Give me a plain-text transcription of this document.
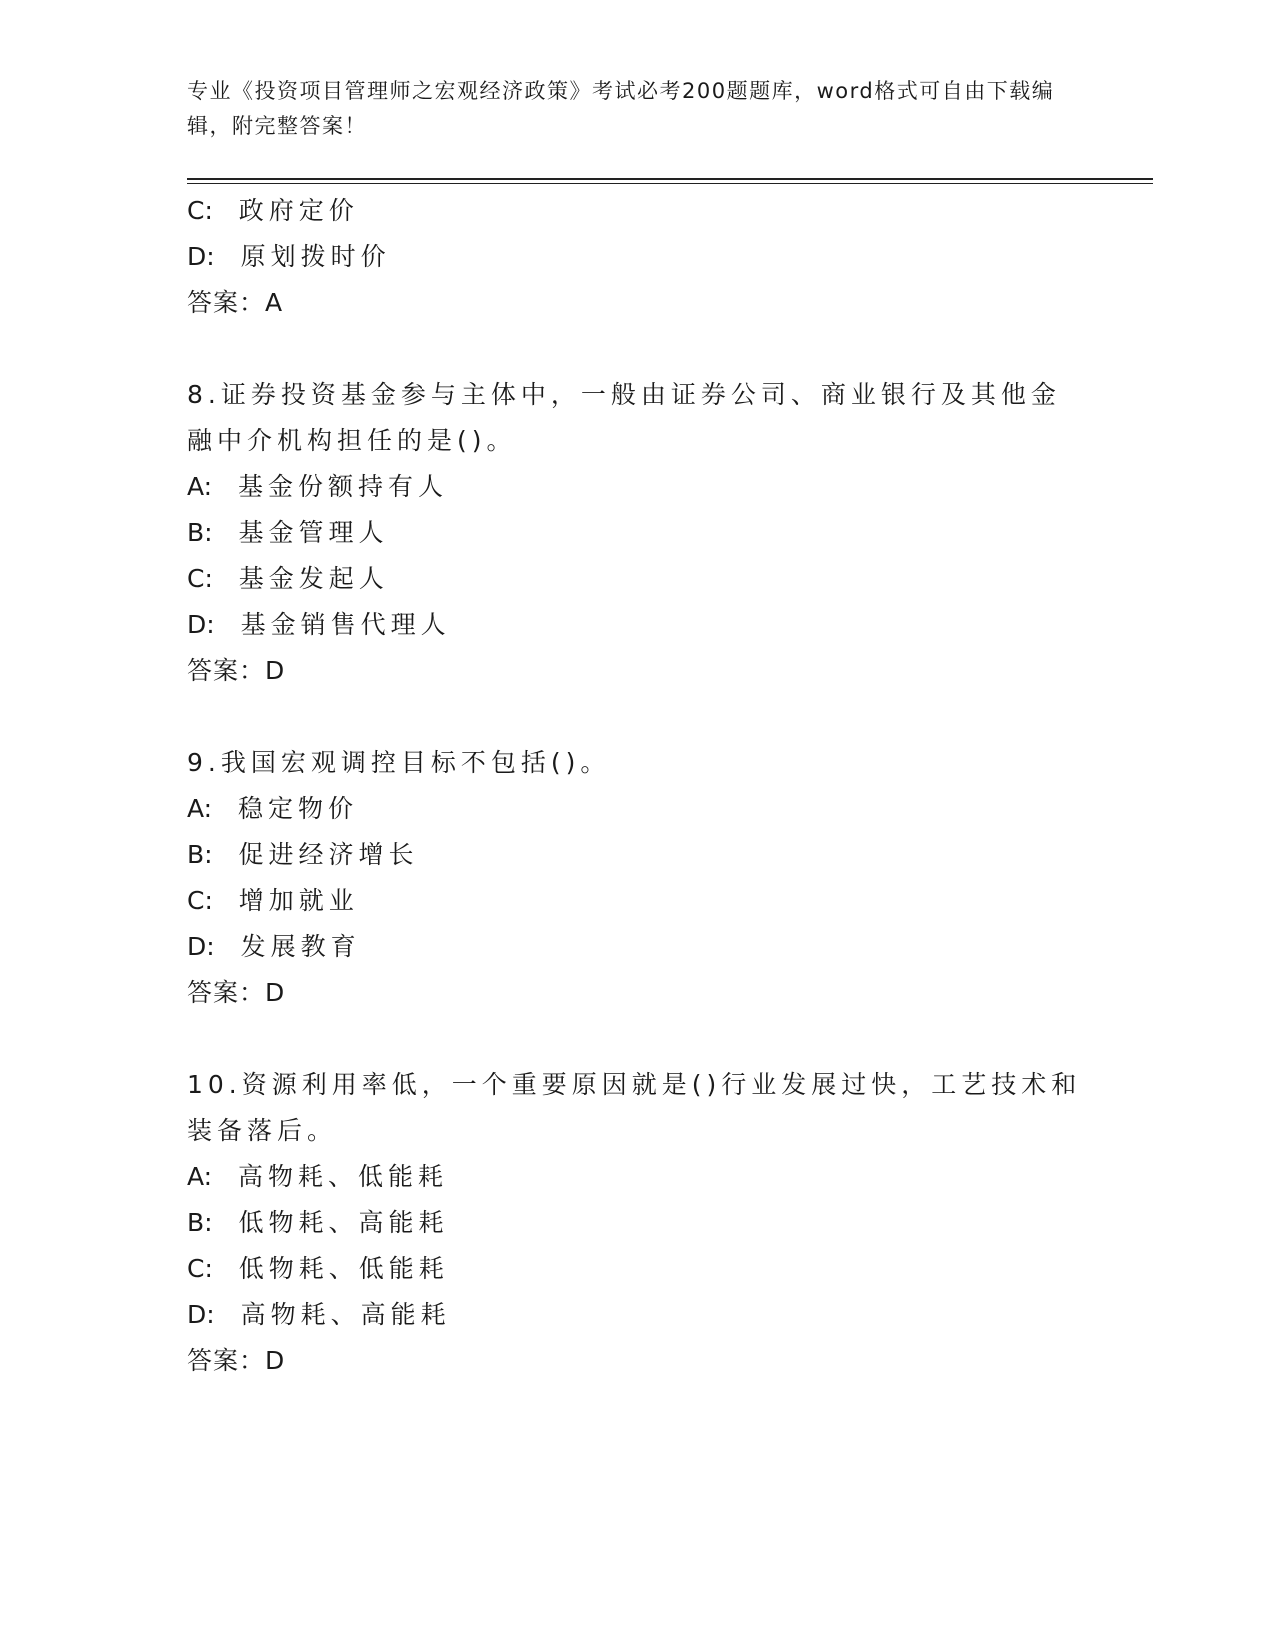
专业《投资项目管理师之宏观经济政策》考试必考200题题库，word格式可自由下载编辑，附完整答案！
C: 政府定价
D: 原划拨时价
答案：A
8.证券投资基金参与主体中，一般由证券公司、商业银行及其他金融中介机构担任的是()。
A: 基金份额持有人
B: 基金管理人
C: 基金发起人
D: 基金销售代理人
答案：D
9.我国宏观调控目标不包括()。
A: 稳定物价
B: 促进经济增长
C: 增加就业
D: 发展教育
答案：D
10.资源利用率低，一个重要原因就是()行业发展过快，工艺技术和装备落后。
A: 高物耗、低能耗
B: 低物耗、高能耗
C: 低物耗、低能耗
D: 高物耗、高能耗
答案：D
